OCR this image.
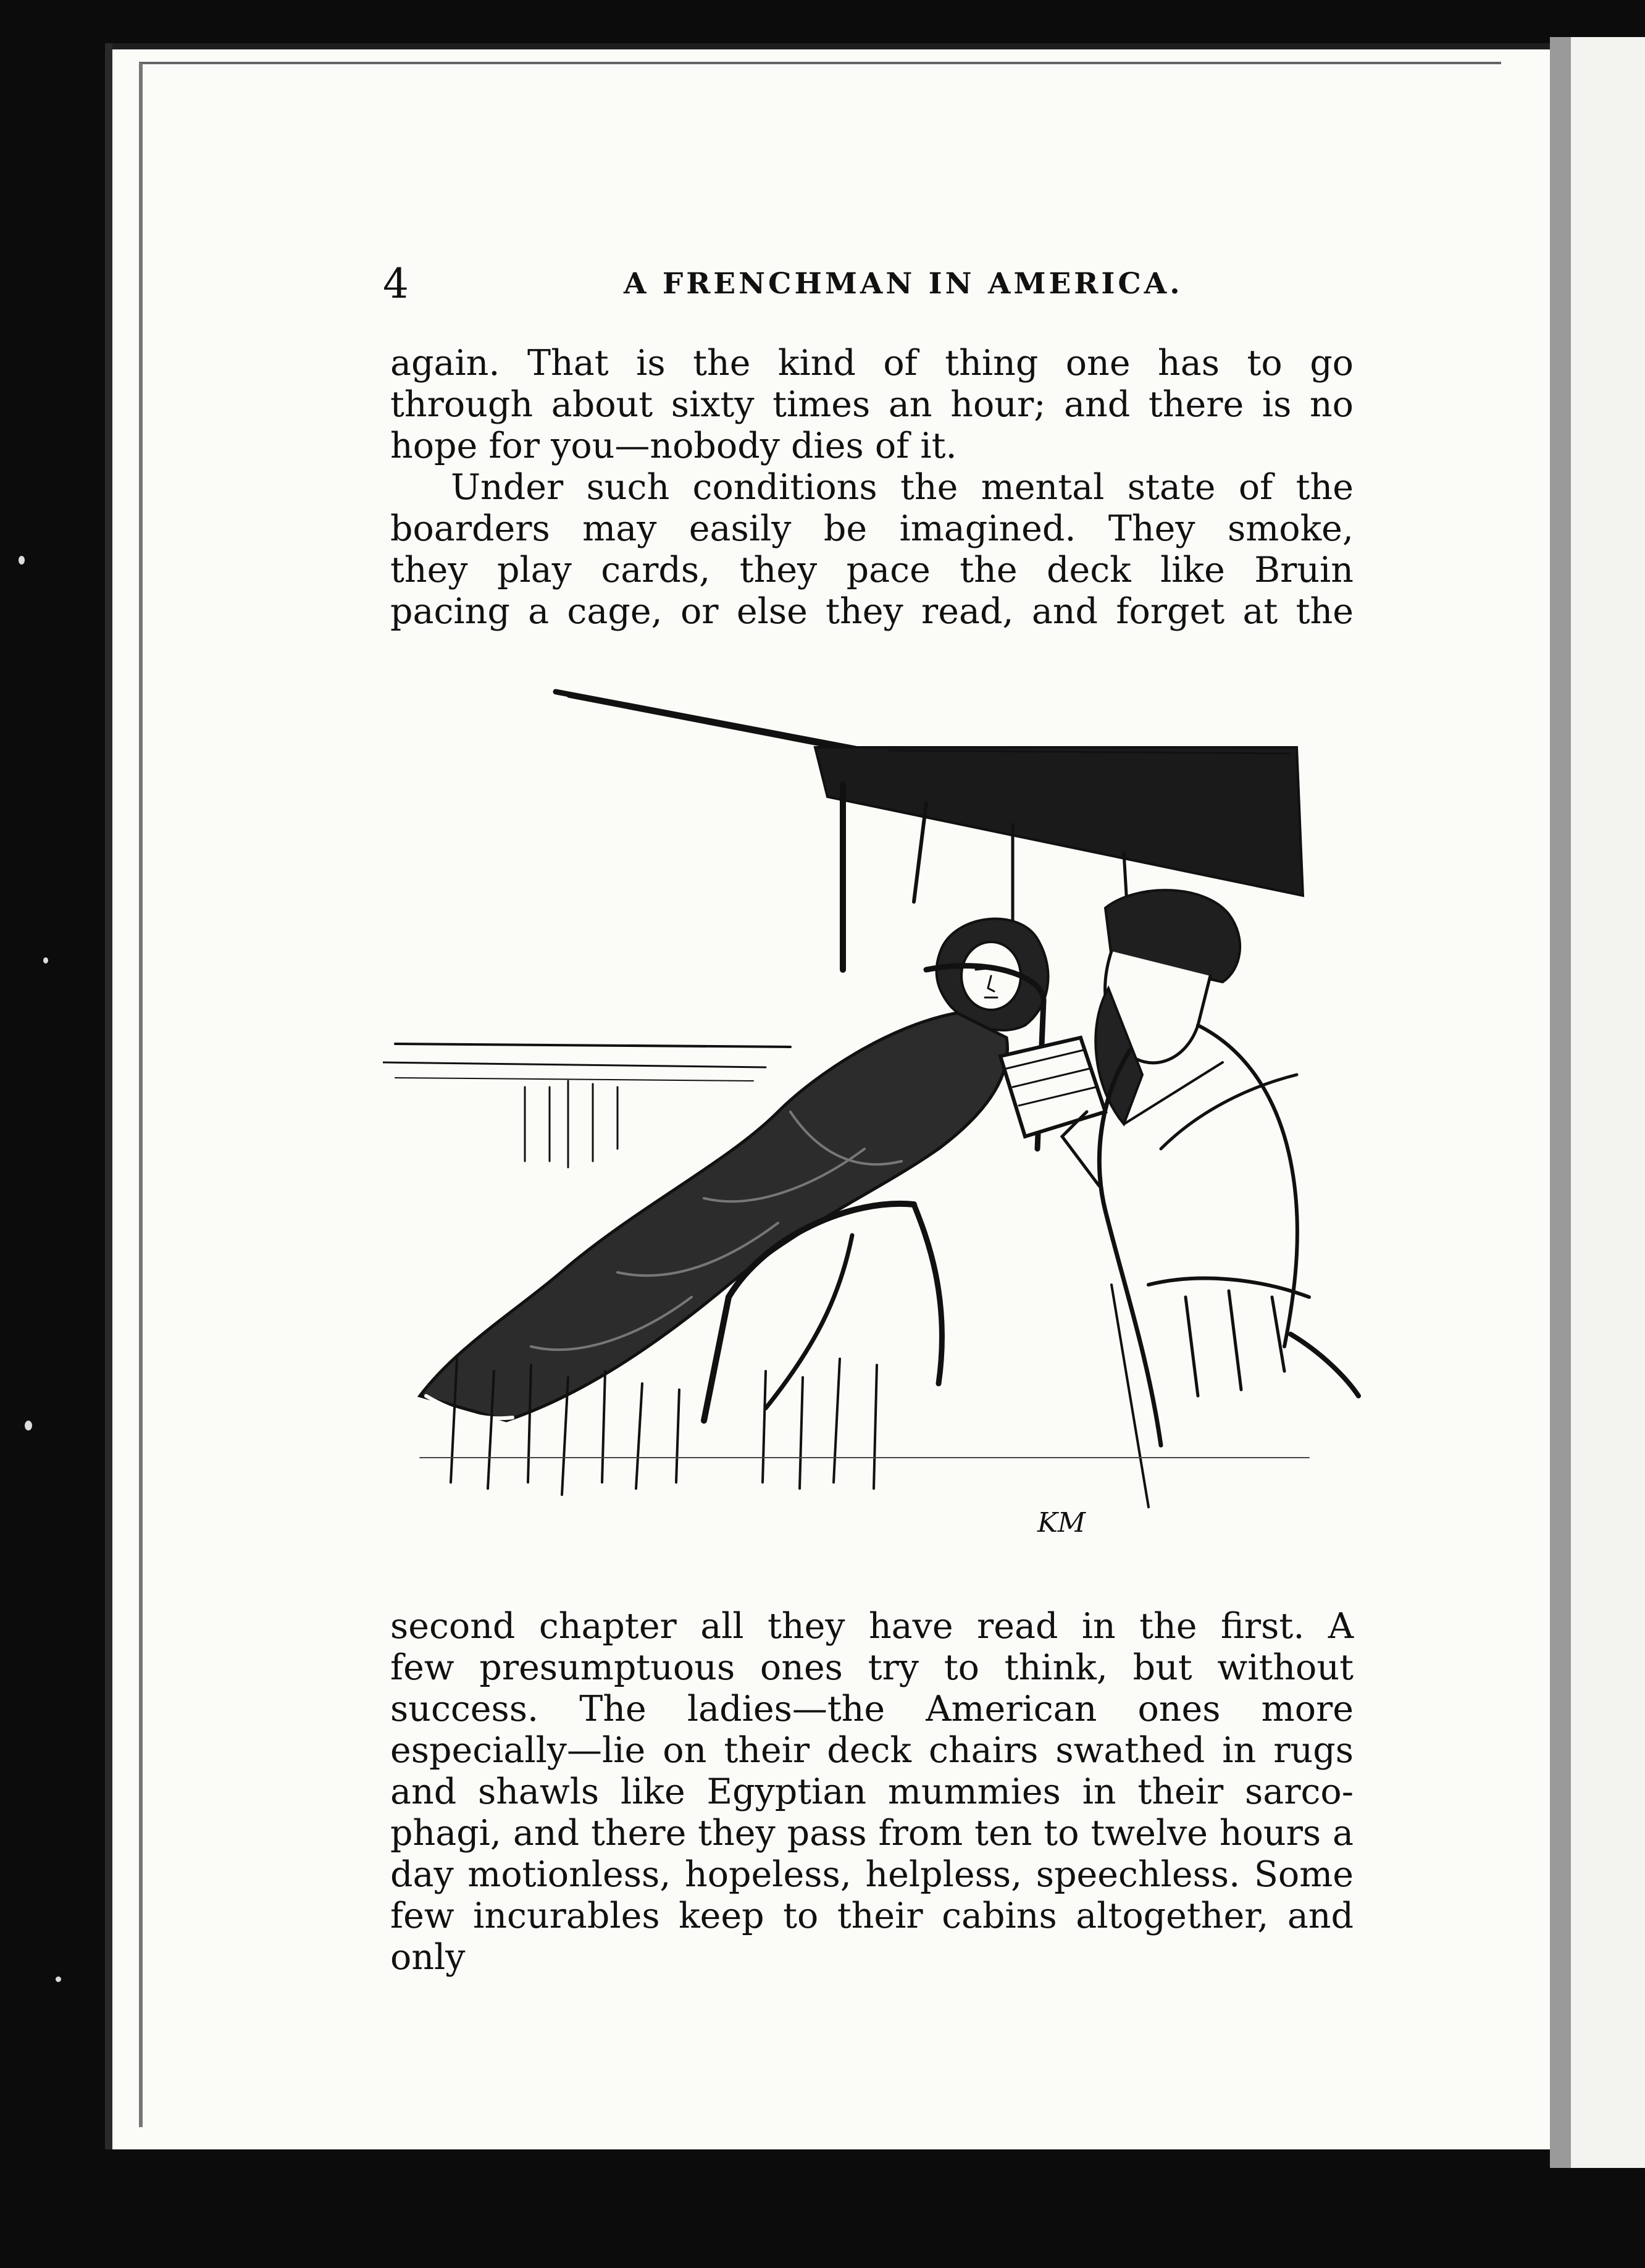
4	A FRENCHMAN IN AMERICA.

again. That is the kind of thing one has to go

through about sixty times an hour; and there is no

hope for you—nobody dies of it.

Under such conditions the mental state of the

boarders may easily be imagined. They smoke,

they play cards, they pace the deck like Bruin

pacing a cage, or else they read, and forget at the

KM

second chapter all they have read in the first. A

few presumptuous ones try to think, but without

success. The ladies—the American ones more

especially—lie on their deck chairs swathed in rugs

and shawls like Egyptian mummies in their sarco-

phagi, and there they pass from ten to twelve hours a

day motionless, hopeless, helpless, speechless. Some

few incurables keep to their cabins altogether, and only
